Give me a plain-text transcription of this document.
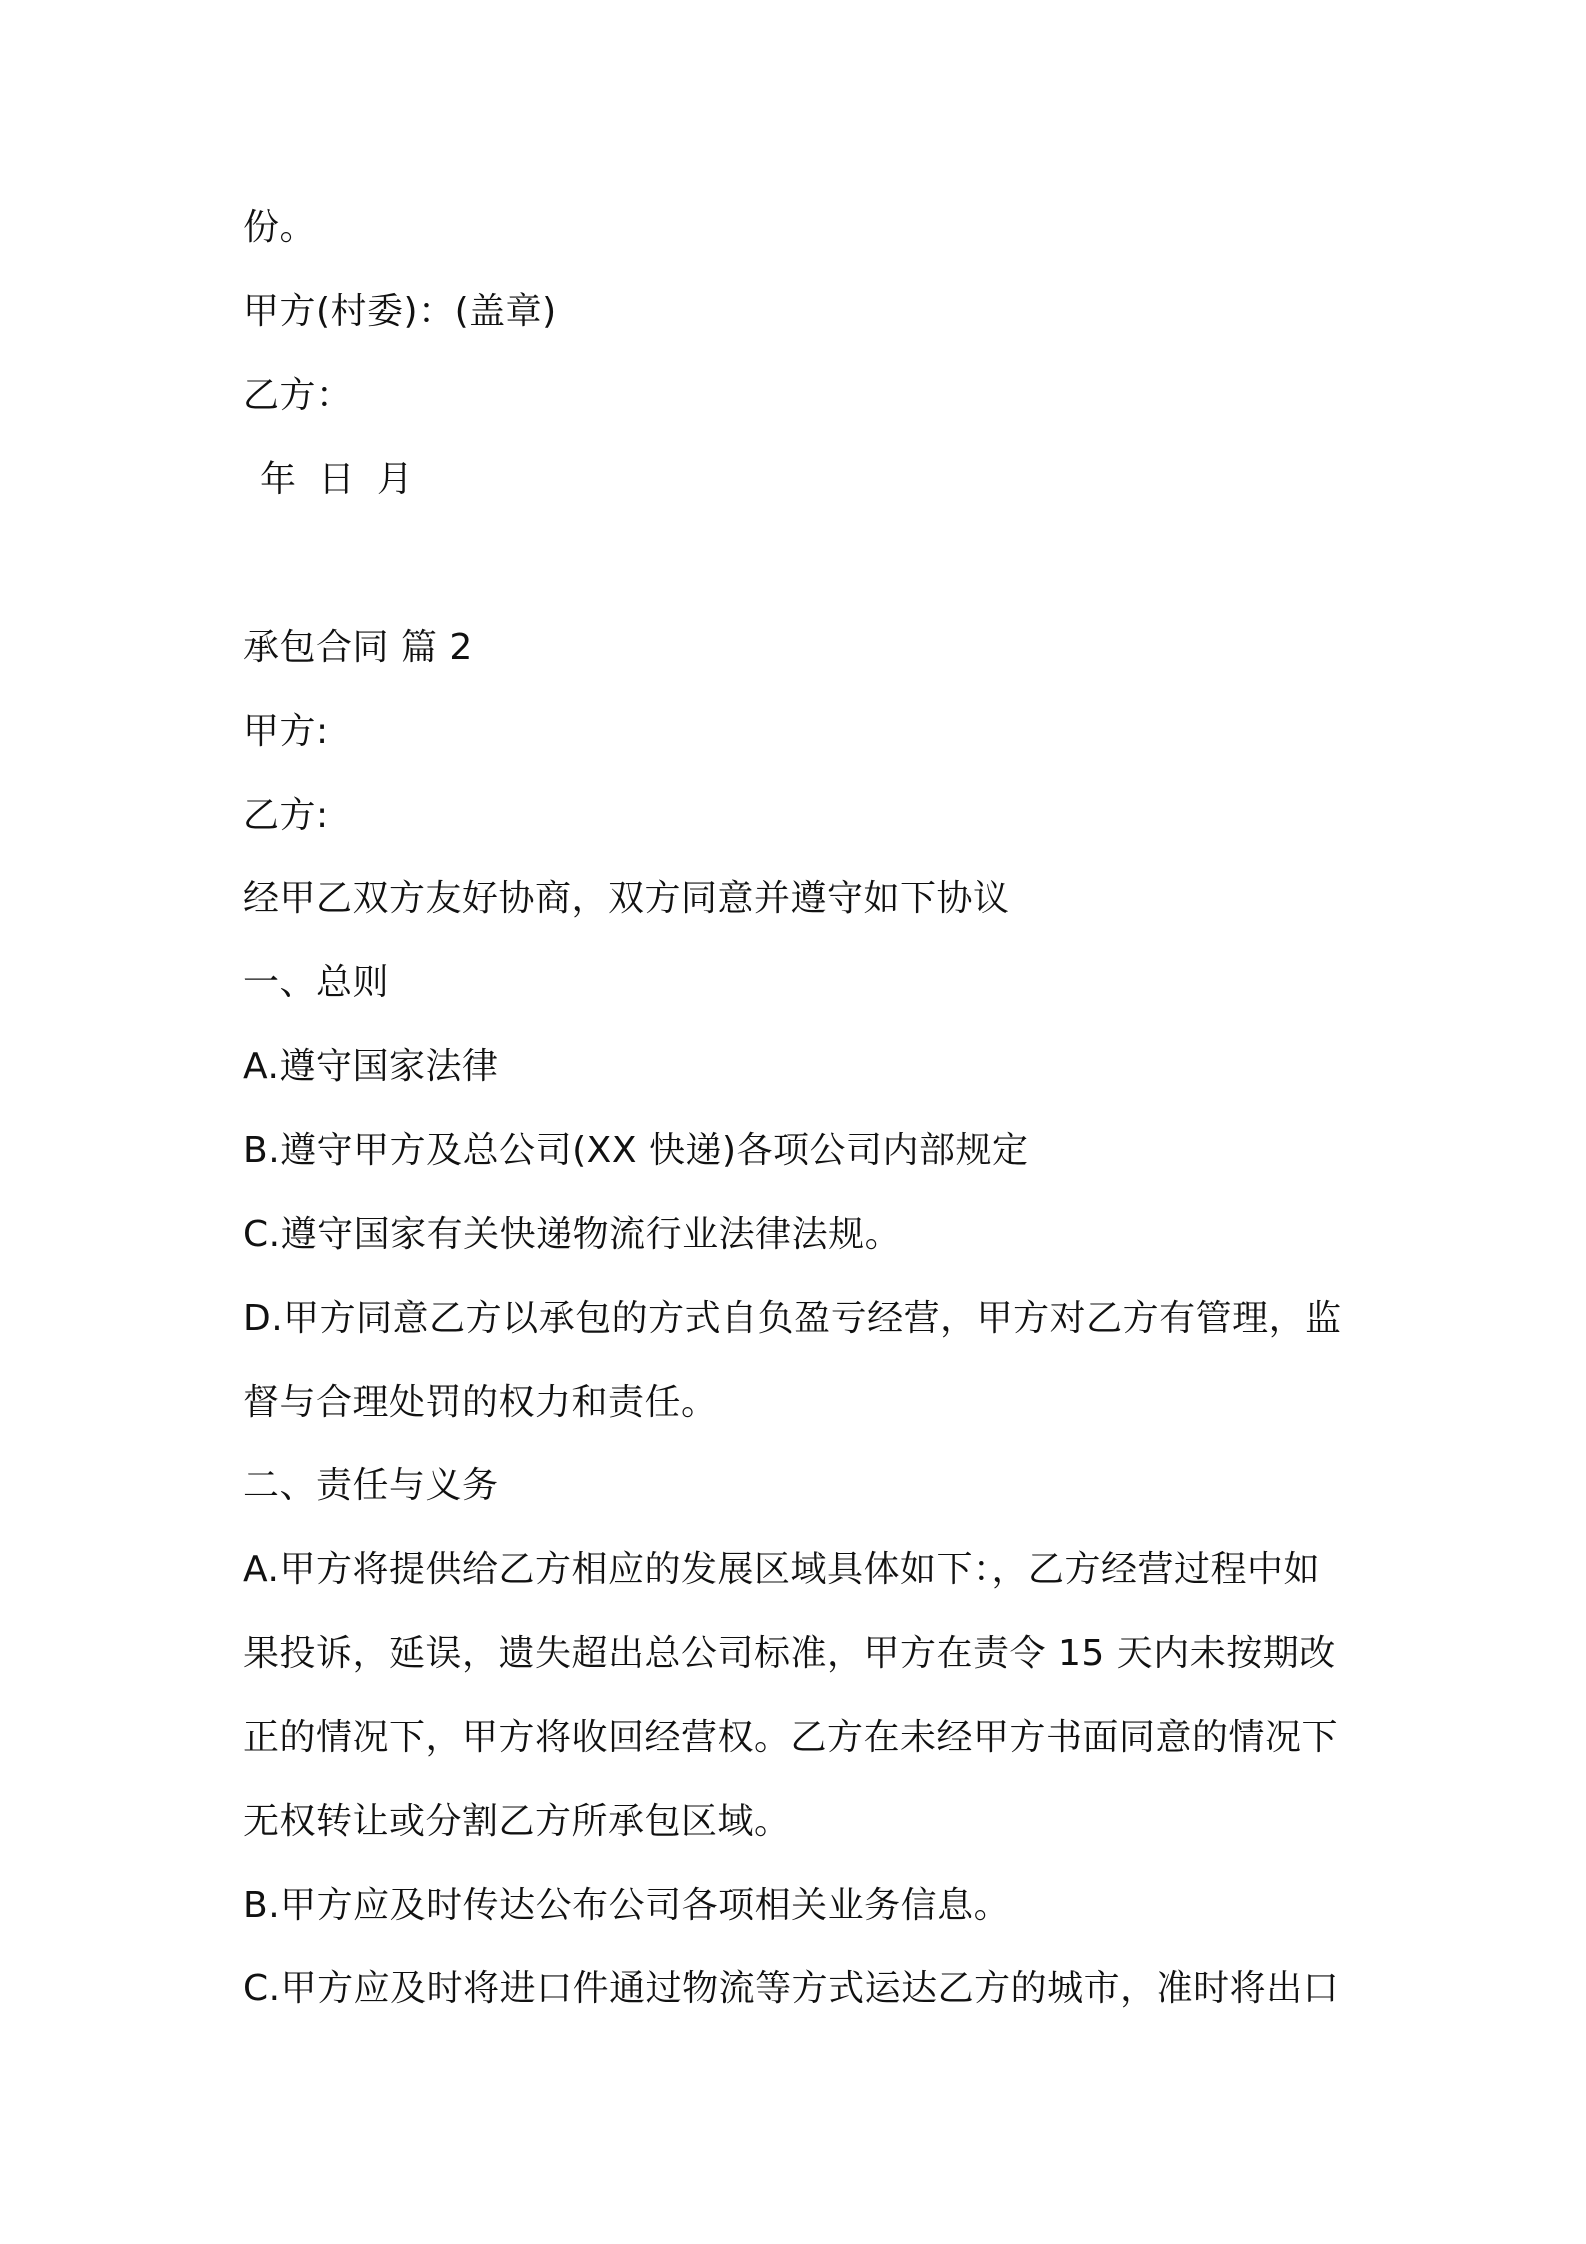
份。
甲方(村委)：(盖章)
乙方：
年 日 月
承包合同 篇 2
甲方:
乙方:
经甲乙双方友好协商，双方同意并遵守如下协议
一、总则
A.遵守国家法律
B.遵守甲方及总公司(XX 快递)各项公司内部规定
C.遵守国家有关快递物流行业法律法规。
D.甲方同意乙方以承包的方式自负盈亏经营，甲方对乙方有管理，监
督与合理处罚的权力和责任。
二、责任与义务
A.甲方将提供给乙方相应的发展区域具体如下：，乙方经营过程中如
果投诉，延误，遗失超出总公司标准，甲方在责令 15 天内未按期改
正的情况下，甲方将收回经营权。乙方在未经甲方书面同意的情况下
无权转让或分割乙方所承包区域。
B.甲方应及时传达公布公司各项相关业务信息。
C.甲方应及时将进口件通过物流等方式运达乙方的城市，准时将出口
